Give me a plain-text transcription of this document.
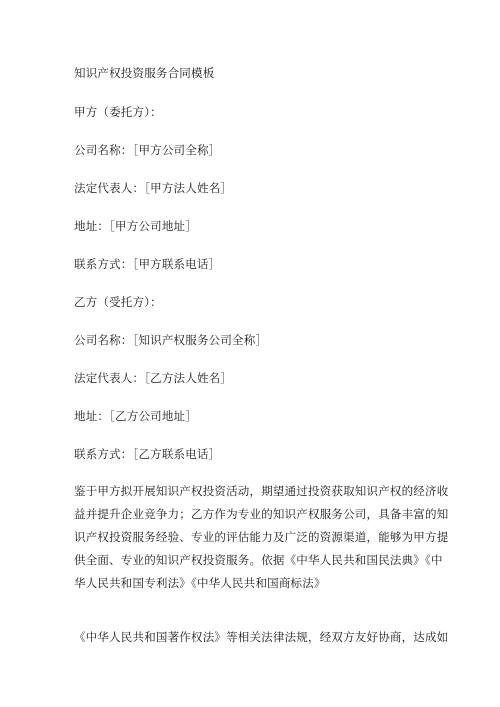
知识产权投资服务合同模板
甲方（委托方）：
公司名称：［甲方公司全称］
法定代表人：［甲方法人姓名］
地址：［甲方公司地址］
联系方式：［甲方联系电话］
乙方（受托方）：
公司名称：［知识产权服务公司全称］
法定代表人：［乙方法人姓名］
地址：［乙方公司地址］
联系方式：［乙方联系电话］
鉴于甲方拟开展知识产权投资活动，期望通过投资获取知识产权的经济收
益并提升企业竞争力；乙方作为专业的知识产权服务公司，具备丰富的知
识产权投资服务经验、专业的评估能力及广泛的资源渠道，能够为甲方提
供全面、专业的知识产权投资服务。依据《中华人民共和国民法典》《中
华人民共和国专利法》《中华人民共和国商标法》
《中华人民共和国著作权法》等相关法律法规，经双方友好协商，达成如
